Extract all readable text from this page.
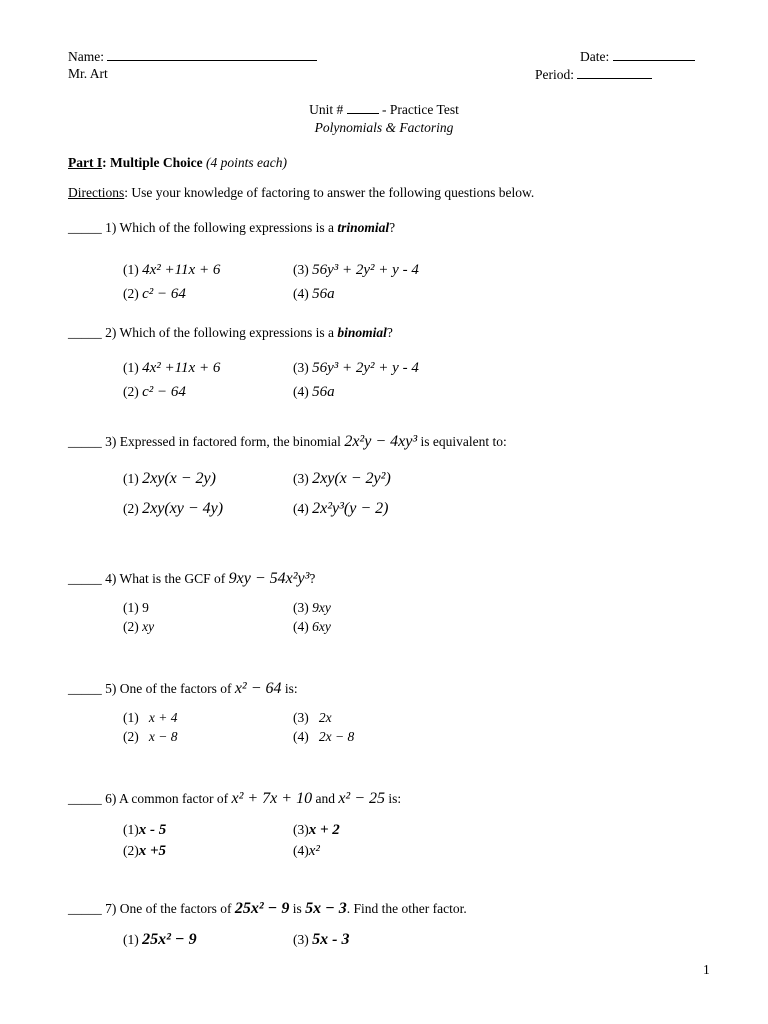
Name:
Mr. Art
Date:
Period:
Unit #	- Practice Test
Polynomials & Factoring
Part I: Multiple Choice (4 points each)
Directions: Use your knowledge of factoring to answer the following questions below.
_____ 1) Which of the following expressions is a trinomial?
(1) 4x² +11x + 6
(2) c² − 64
(3) 56y³ + 2y² + y - 4
(4) 56a
_____ 2) Which of the following expressions is a binomial?
(1) 4x² +11x + 6
(2) c² − 64
(3) 56y³ + 2y² + y - 4
(4) 56a
_____ 3) Expressed in factored form, the binomial 2x²y − 4xy³ is equivalent to:
(1) 2xy(x − 2y)
(2) 2xy(xy − 4y)
(3) 2xy(x − 2y²)
(4) 2x²y³(y − 2)
_____ 4) What is the GCF of 9xy − 54x²y³?
(1) 9
(2) xy
(3) 9xy
(4) 6xy
_____ 5) One of the factors of x² − 64 is:
(1) x + 4
(2) x − 8
(3) 2x
(4) 2x − 8
_____ 6) A common factor of x² + 7x + 10 and x² − 25 is:
(1)x - 5
(2)x +5
(3)x + 2
(4)x²
_____ 7) One of the factors of 25x² − 9 is 5x − 3. Find the other factor.
(1) 25x² − 9	(3) 5x - 3
1
